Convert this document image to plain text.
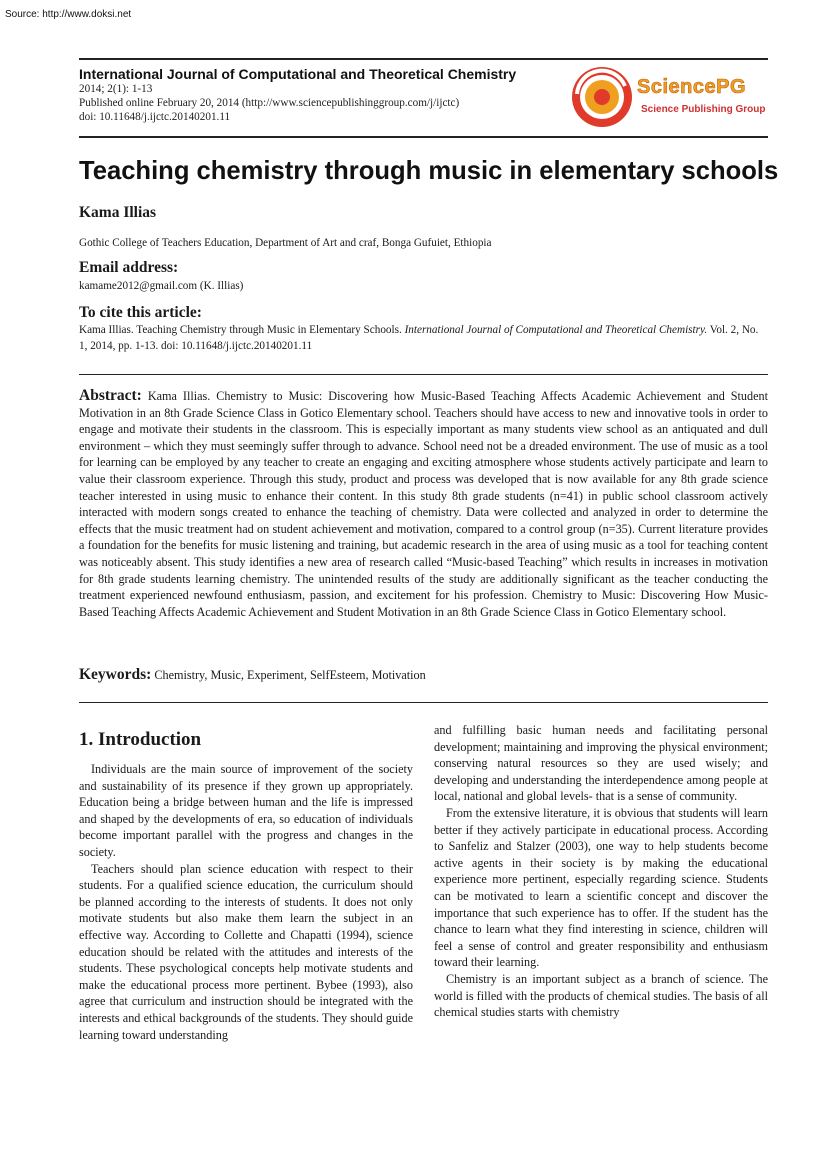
Source: http://www.doksi.net
International Journal of Computational and Theoretical Chemistry
2014; 2(1): 1-13
Published online February 20, 2014 (http://www.sciencepublishinggroup.com/j/ijctc)
doi: 10.11648/j.ijctc.20140201.11
SciencePG
Science Publishing Group
Teaching chemistry through music in elementary schools
Kama Illias
Gothic College of Teachers Education, Department of Art and craf, Bonga Gufuiet, Ethiopia
Email address:
kamame2012@gmail.com (K. Illias)
To cite this article:
Kama Illias. Teaching Chemistry through Music in Elementary Schools. International Journal of Computational and Theoretical Chemistry. Vol. 2, No. 1, 2014, pp. 1-13. doi: 10.11648/j.ijctc.20140201.11
Abstract: Kama Illias. Chemistry to Music: Discovering how Music-Based Teaching Affects Academic Achievement and Student Motivation in an 8th Grade Science Class in Gotico Elementary school. Teachers should have access to new and innovative tools in order to engage and motivate their students in the classroom. This is especially important as many students view school as an antiquated and dull environment – which they must seemingly suffer through to advance. School need not be a dreaded environment. The use of music as a tool for learning can be employed by any teacher to create an engaging and exciting atmosphere whose students actively participate and learn to value their classroom experience. Through this study, product and process was developed that is now available for any 8th grade science teacher interested in using music to enhance their content. In this study 8th grade students (n=41) in public school classroom actively interacted with modern songs created to enhance the teaching of chemistry. Data were collected and analyzed in order to determine the effects that the music treatment had on student achievement and motivation, compared to a control group (n=35). Current literature provides a foundation for the benefits for music listening and training, but academic research in the area of using music as a tool for teaching content was noticeably absent. This study identifies a new area of research called “Music-based Teaching” which results in increases in motivation for 8th grade students learning chemistry. The unintended results of the study are additionally significant as the teacher conducting the treatment experienced newfound enthusiasm, passion, and excitement for his profession. Chemistry to Music: Discovering How Music-Based Teaching Affects Academic Achievement and Student Motivation in an 8th Grade Science Class in Gotico Elementary school.
Keywords: Chemistry, Music, Experiment, SelfEsteem, Motivation
1. Introduction

Individuals are the main source of improvement of the society and sustainability of its presence if they grown up appropriately. Education being a bridge between human and the life is impressed and shaped by the developments of era, so education of individuals become important parallel with the progress and changes in the society.

Teachers should plan science education with respect to their students. For a qualified science education, the curriculum should be planned according to the interests of students. It does not only motivate students but also make them learn the subject in an effective way. According to Collette and Chapatti (1994), science education should be related with the attitudes and interests of the students. These psychological concepts help motivate students and make the educational process more pertinent. Bybee (1993), also agree that curriculum and instruction should be integrated with the interests and ethical backgrounds of the students. They should guide learning toward understanding

and fulfilling basic human needs and facilitating personal development; maintaining and improving the physical environment; conserving natural resources so they are used wisely; and developing and understanding the interdependence among people at local, national and global levels- that is a sense of community.

From the extensive literature, it is obvious that students will learn better if they actively participate in educational process. According to Sanfeliz and Stalzer (2003), one way to help students become active agents in their society is by making the educational experience more pertinent, especially regarding science. Students can be motivated to learn a scientific concept and discover the importance that such experience has to offer. If the student has the chance to learn what they find interesting in science, children will feel a sense of control and greater responsibility and enthusiasm toward their learning.

Chemistry is an important subject as a branch of science. The world is filled with the products of chemical studies. The basis of all chemical studies starts with chemistry
